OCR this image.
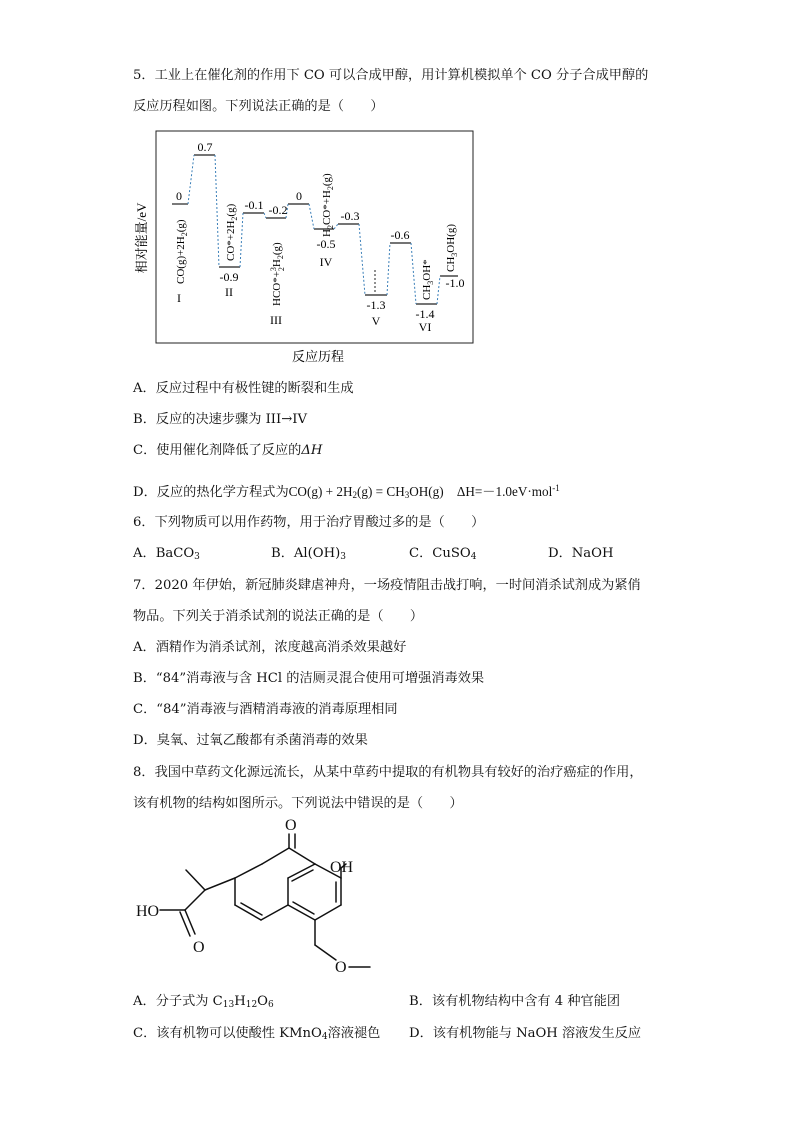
5．工业上在催化剂的作用下 CO 可以合成甲醇，用计算机模拟单个 CO 分子合成甲醇的
反应历程如图。下列说法正确的是（　　）
相对能量/eV
0
0.7
-0.9
-0.1 -0.2
0
-0.5
-0.3
-1.3
-0.6
-1.4
-1.0
I	II
III
IV
V	VI
$CO(g)+2H_2(g)$	$CO*+2H_2(g)$
$HCO*+^32H_2(g)$
$H_2CO*+H_2(g)$
$CH_3OH*$ $CH_3OH(g)$
反应历程
A．反应过程中有极性键的断裂和生成
B．反应的决速步骤为 III→IV
C．使用催化剂降低了反应的ΔH
D．反应的热化学方程式为$CO(g) + 2H_2(g) = CH_3OH(g)$　 ΔH=－1.0eV·mol$^{-1}$
6．下列物质可以用作药物，用于治疗胃酸过多的是（　　）
A．BaCO$_3$	B．$Al(OH)_3$	C．CuSO$_4$	D．NaOH
7．2020 年伊始，新冠肺炎肆虐神舟，一场疫情阻击战打响，一时间消杀试剂成为紧俏
物品。下列关于消杀试剂的说法正确的是（　　）
A．酒精作为消杀试剂，浓度越高消杀效果越好
B．“84”消毒液与含 HCl 的洁厕灵混合使用可增强消毒效果
C．“84”消毒液与酒精消毒液的消毒原理相同
D．臭氧、过氧乙酸都有杀菌消毒的效果
8．我国中草药文化源远流长，从某中草药中提取的有机物具有较好的治疗癌症的作用，
该有机物的结构如图所示。下列说法中错误的是（　　）
O
OH
HO
O
O
A．分子式为 $C_{13}H_{12}O_6$	B．该有机物结构中含有 4 种官能团
C．该有机物可以使酸性 KMnO$_4$溶液褪色 D．该有机物能与 NaOH 溶液发生反应
